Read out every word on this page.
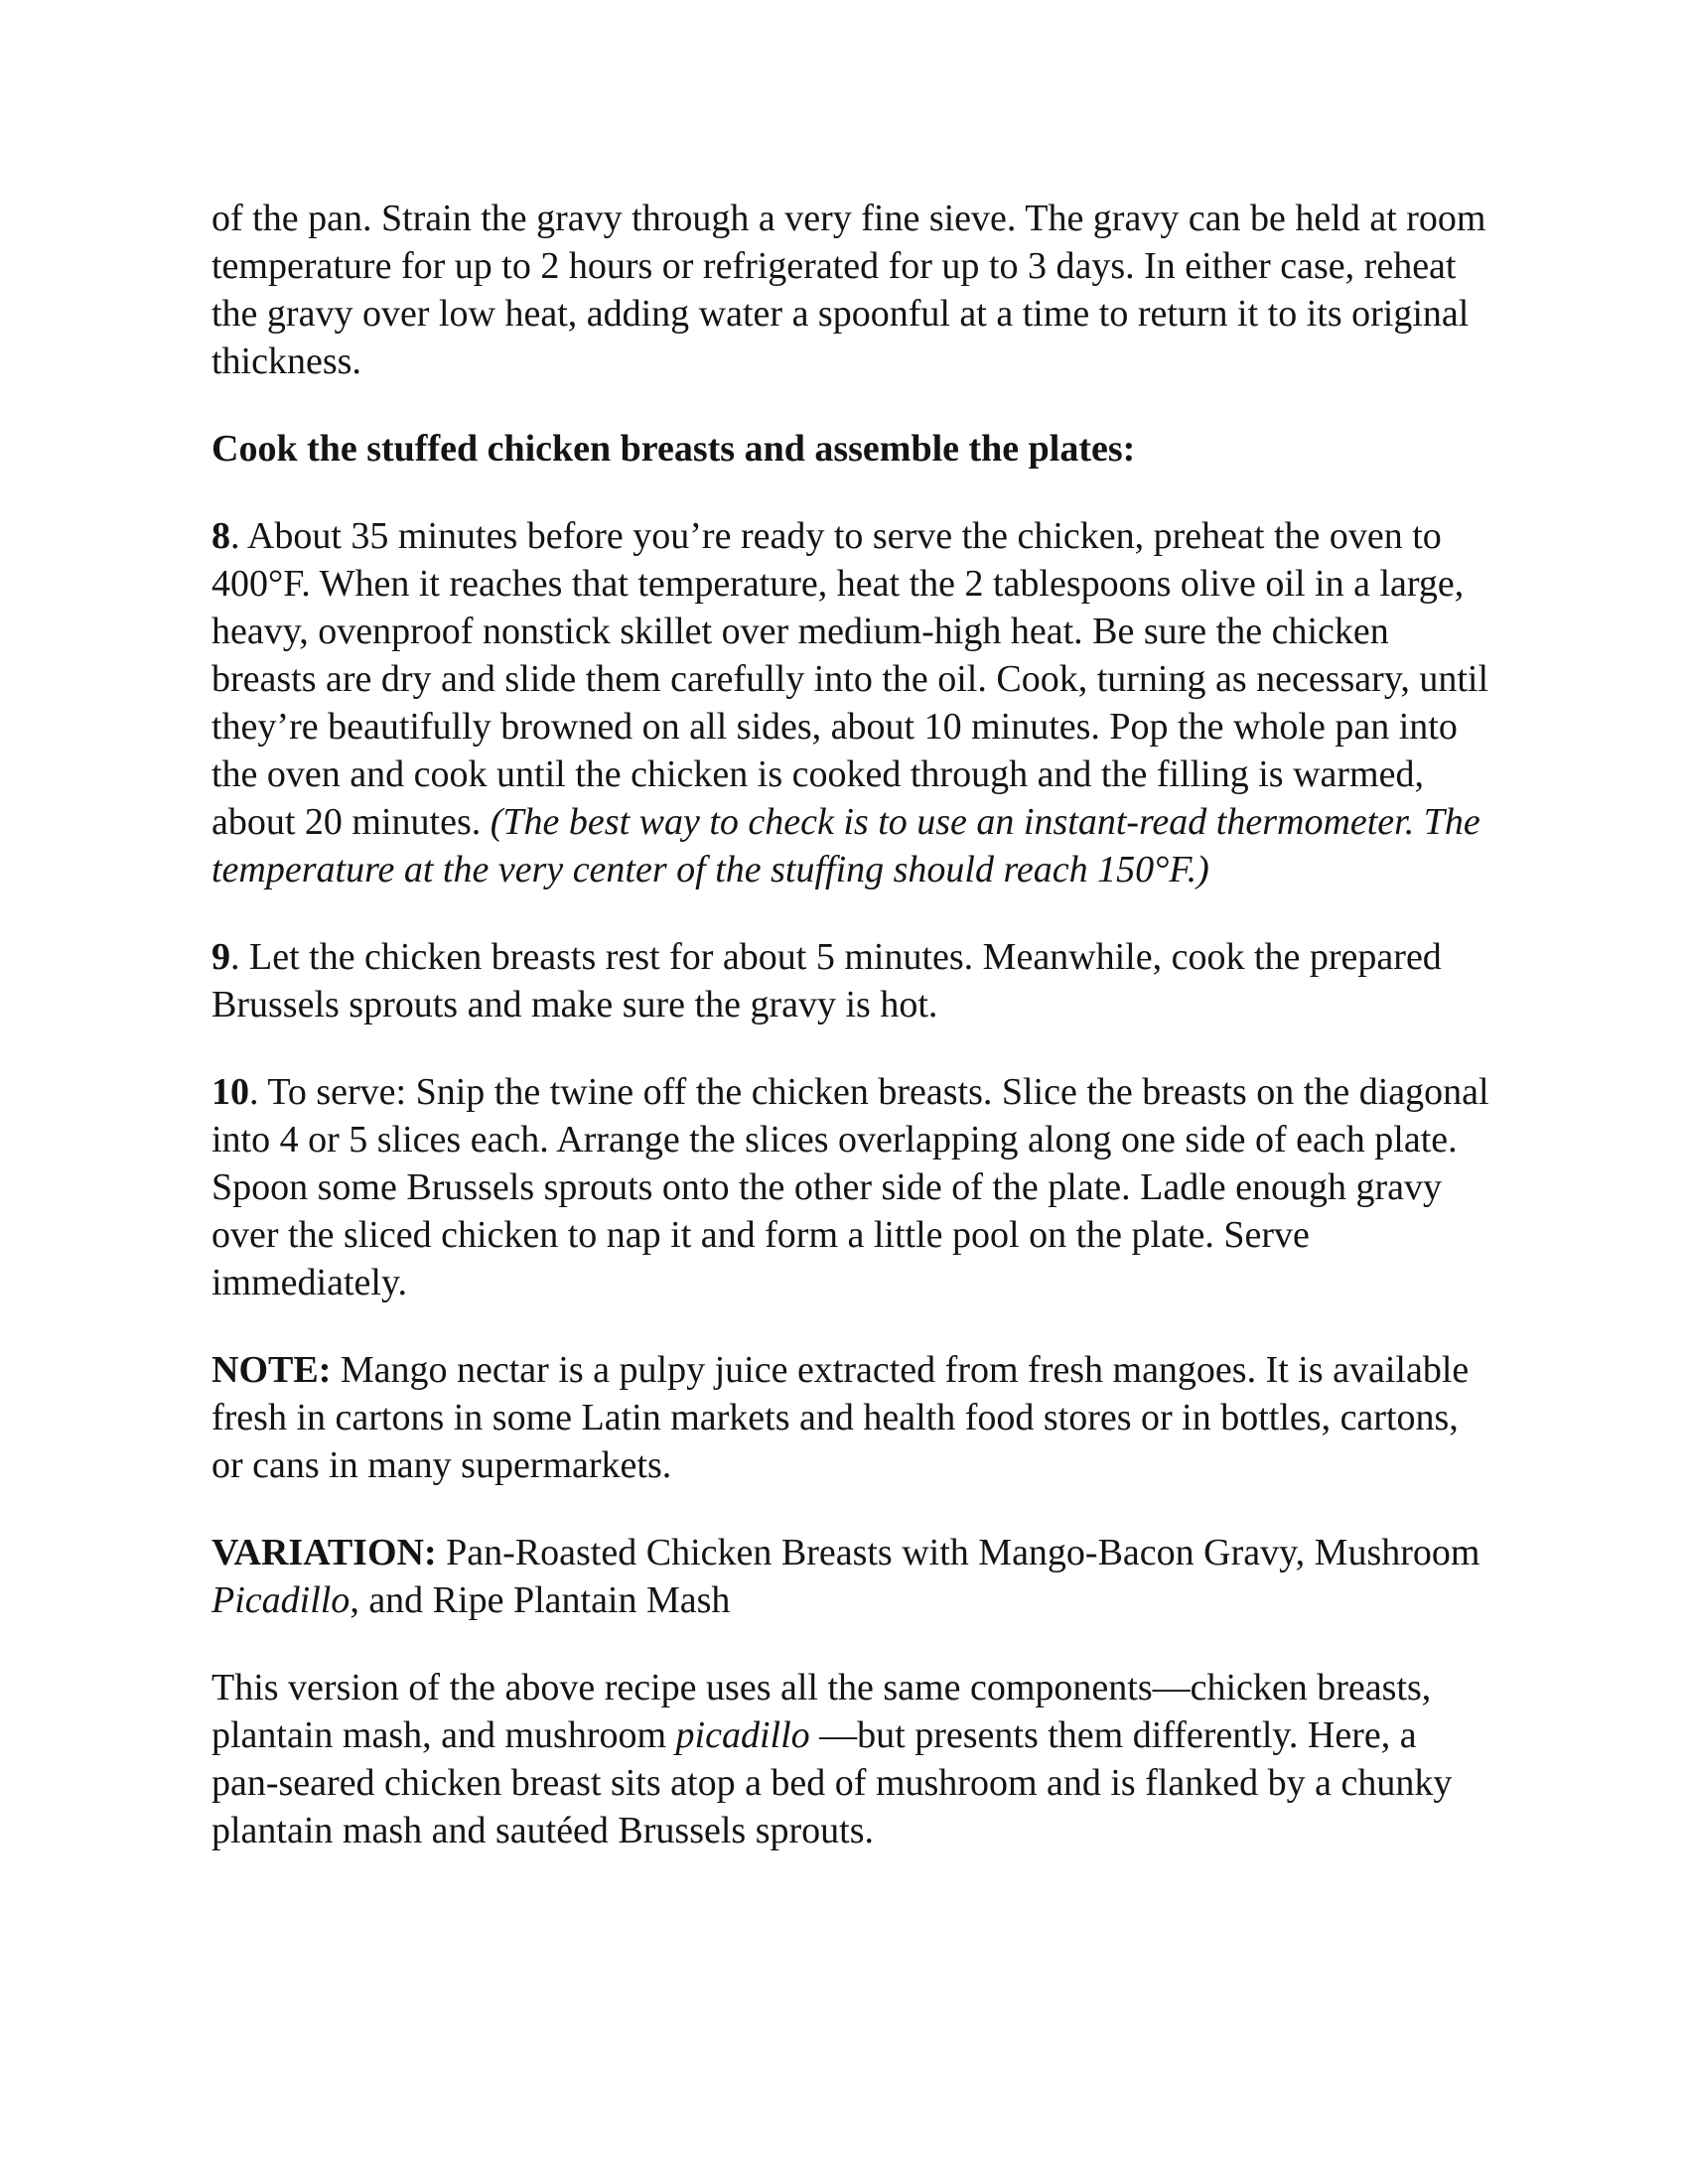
of the pan. Strain the gravy through a very fine sieve. The gravy can be held at room temperature for up to 2 hours or refrigerated for up to 3 days. In either case, reheat the gravy over low heat, adding water a spoonful at a time to return it to its original thickness.

Cook the stuffed chicken breasts and assemble the plates:

8. About 35 minutes before you’re ready to serve the chicken, preheat the oven to 400°F. When it reaches that temperature, heat the 2 tablespoons olive oil in a large, heavy, ovenproof nonstick skillet over medium-high heat. Be sure the chicken breasts are dry and slide them carefully into the oil. Cook, turning as necessary, until they’re beautifully browned on all sides, about 10 minutes. Pop the whole pan into the oven and cook until the chicken is cooked through and the filling is warmed, about 20 minutes. (The best way to check is to use an instant-read thermometer. The temperature at the very center of the stuffing should reach 150°F.)

9. Let the chicken breasts rest for about 5 minutes. Meanwhile, cook the prepared Brussels sprouts and make sure the gravy is hot.

10. To serve: Snip the twine off the chicken breasts. Slice the breasts on the diagonal into 4 or 5 slices each. Arrange the slices overlapping along one side of each plate. Spoon some Brussels sprouts onto the other side of the plate. Ladle enough gravy over the sliced chicken to nap it and form a little pool on the plate. Serve immediately.

NOTE: Mango nectar is a pulpy juice extracted from fresh mangoes. It is available fresh in cartons in some Latin markets and health food stores or in bottles, cartons, or cans in many supermarkets.

VARIATION: Pan-Roasted Chicken Breasts with Mango-Bacon Gravy, Mushroom Picadillo, and Ripe Plantain Mash

This version of the above recipe uses all the same components—chicken breasts, plantain mash, and mushroom picadillo —but presents them differently. Here, a pan-seared chicken breast sits atop a bed of mushroom and is flanked by a chunky plantain mash and sautéed Brussels sprouts.
